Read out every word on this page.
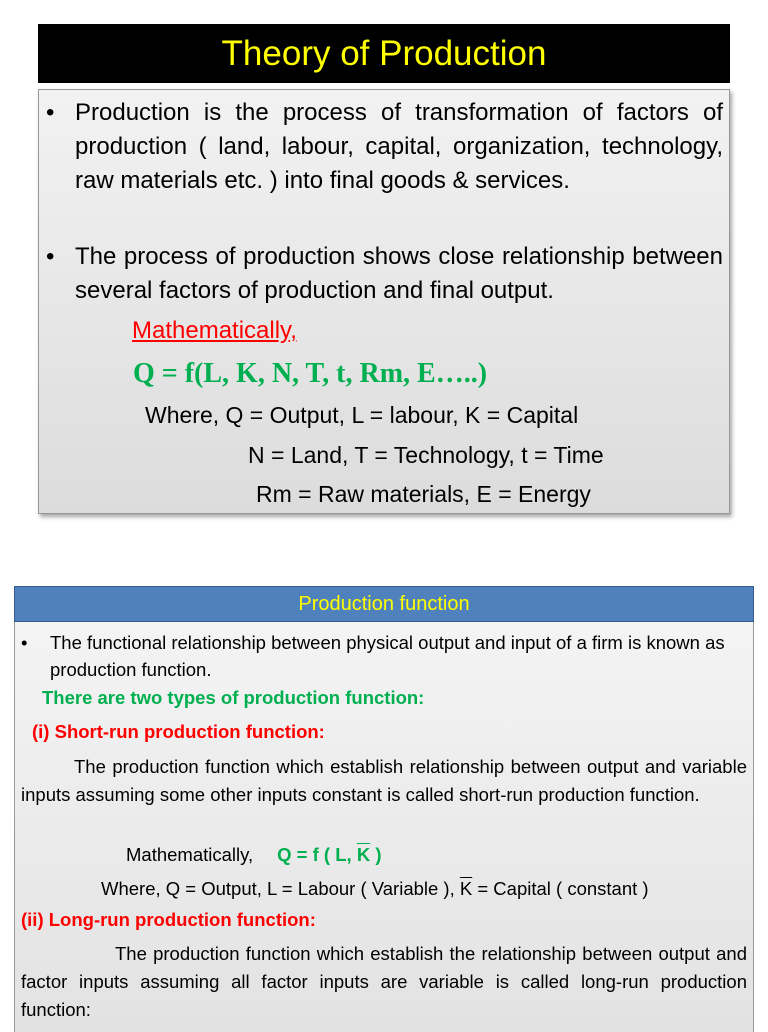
Theory of Production
• Production is the process of transformation of factors of production ( land, labour, capital, organization, technology, raw materials etc. ) into final goods & services.
• The process of production shows close relationship between several factors of production and final output.
Mathematically,
Q = f(L, K, N, T, t, Rm, E…..)
Where, Q = Output, L = labour, K = Capital
N = Land, T = Technology, t = Time
Rm = Raw materials, E = Energy
Production function
• The functional relationship between physical output and input of a firm is known as production function.
There are two types of production function:
(i) Short-run production function:
The production function which establish relationship between output and variable inputs assuming some other inputs constant is called short-run production function.
Mathematically, Q = f ( L, $\overline{K}$ )
Where, Q = Output, L = Labour ( Variable ), $\overline{K}$ = Capital ( constant )
(ii) Long-run production function:
The production function which establish the relationship between output and factor inputs assuming all factor inputs are variable is called long-run production function:
